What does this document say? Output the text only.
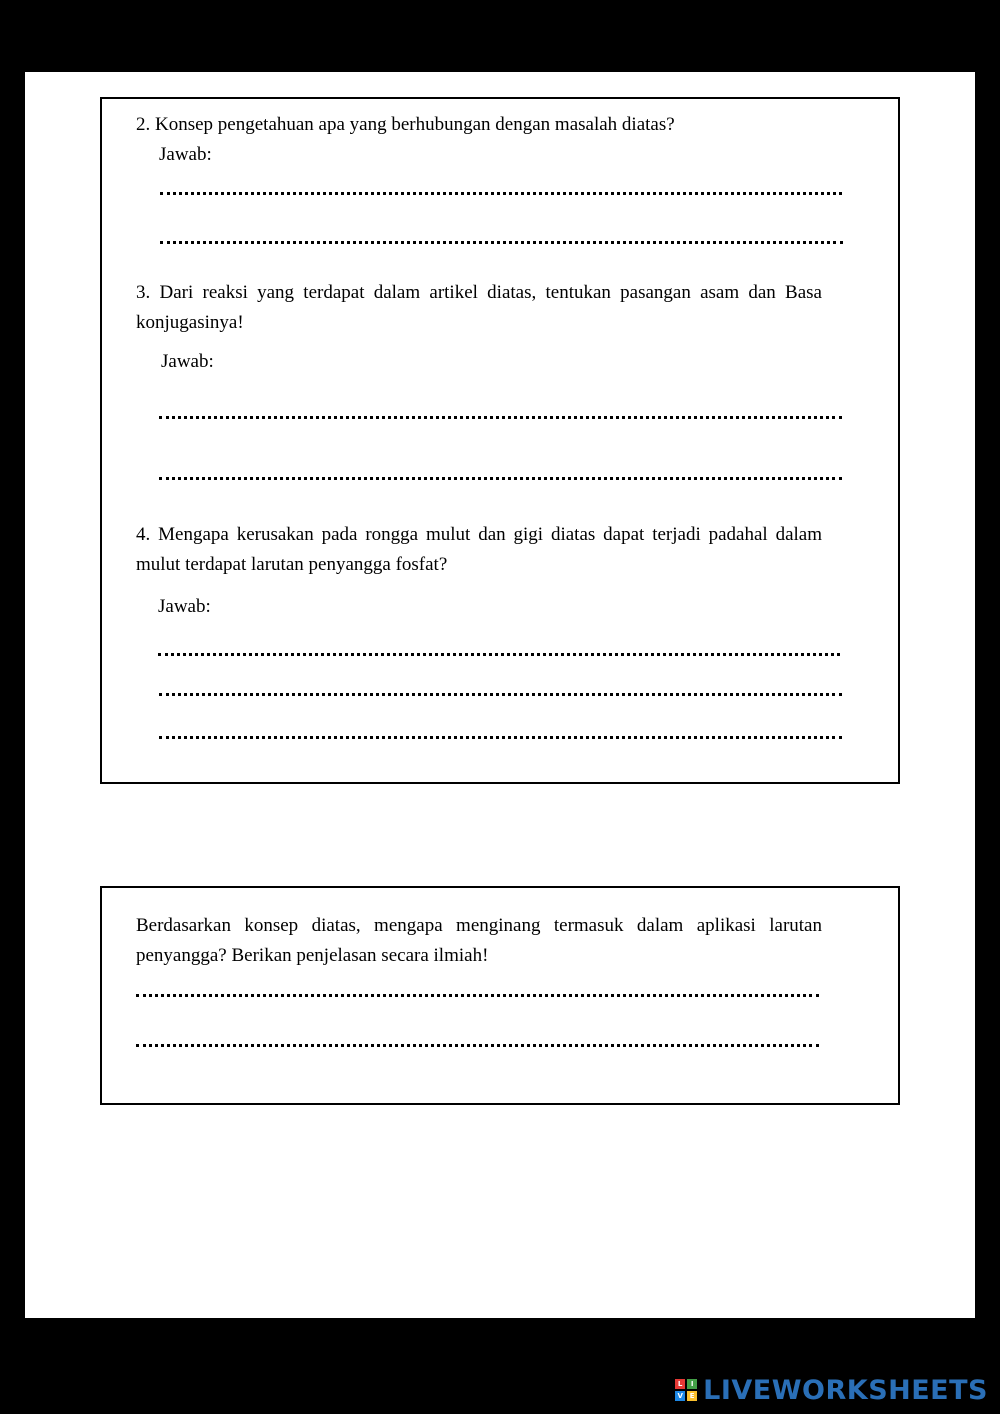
2. Konsep pengetahuan apa yang berhubungan dengan masalah diatas?
Jawab:
3. Dari reaksi yang terdapat dalam artikel diatas, tentukan pasangan asam dan Basa konjugasinya!
Jawab:
4. Mengapa kerusakan pada rongga mulut dan gigi diatas dapat terjadi padahal dalam mulut terdapat larutan penyangga fosfat?
Jawab:
Berdasarkan konsep diatas, mengapa menginang termasuk dalam aplikasi larutan penyangga? Berikan penjelasan secara ilmiah!
L	I
V E LIVEWORKSHEETS
